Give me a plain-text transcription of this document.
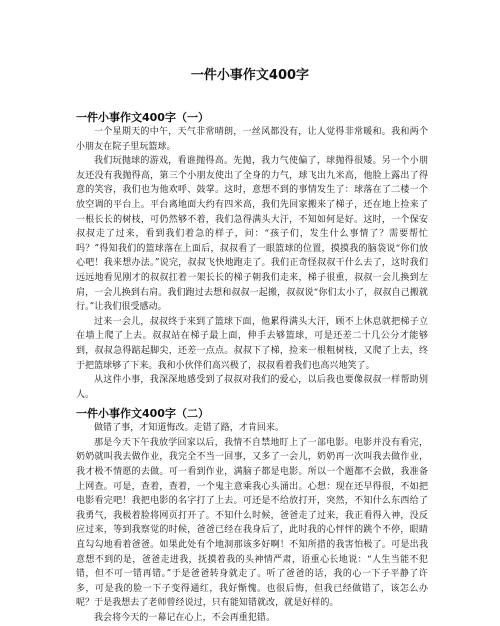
一件小事作文400字
一件小事作文400字（一）

一个星期天的中午，天气非常晴朗，一丝风都没有，让人觉得非常暖和。我和两个小朋友在院子里玩篮球。

我们玩抛球的游戏，看谁抛得高。先抛，我力气使偏了，球抛得很矮。另一个小朋友还没有我抛得高，第三个小朋友使出了全身的力气，球飞出九米高，他脸上露出了得意的笑容，我们也为他欢呼、鼓掌。这时，意想不到的事情发生了：球落在了二楼一个放空调的平台上。平台离地面大约有四米高，我们先回家搬来了梯子，还在地上捡来了一根长长的树枝，可仍然够不着，我们急得满头大汗，不知如何是好。这时，一个保安叔叔走了过来，看到我们着急的样子，问：“孩子们，发生什么事情了？需要帮忙吗？”得知我们的篮球落在上面后，叔叔看了一眼篮球的位置，摸摸我的脑袋说“你们放心吧！我来想办法。”说完，叔叔飞快地跑走了。我们正奇怪叔叔干什么去了，这时我们远远地看见刚才的叔叔扛着一架长长的梯子朝我们走来，梯子很重，叔叔一会儿换到左肩，一会儿换到右肩。我们跑过去想和叔叔一起搬，叔叔说“你们太小了，叔叔自己搬就行。”让我们很受感动。

过来一会儿，叔叔终于来到了篮球下面，他累得满头大汗，顾不上休息就把梯子立在墙上爬了上去。叔叔站在梯子最上面，伸手去够篮球，可是还差二十几公分才能够到，叔叔急得踮起脚尖，还差一点点。叔叔下了梯，捡来一根粗树枝，又爬了上去，终于把篮球够了下来。我和小伙伴们高兴极了，叔叔看着我们也高兴地笑了。

从这件小事，我深深地感受到了叔叔对我们的爱心，以后我也要像叔叔一样帮助别人。

一件小事作文400字（二）

做错了事，才知道悔改。走错了路，才肯回来。

那是今天下午我放学回家以后，我情不自禁地盯上了一部电影。电影并没有看完，奶奶就叫我去做作业，我完全不当一回事，又多了一会儿，奶奶再一次叫我去做作业，我才极不情愿的去做。可一看到作业，满脑子都是电影。所以一个题都不会做，我准备上网查。可是，查着，查着，一个鬼主意乘我心头涌出。心想：现在还早得很，不如把电影看完吧！我把电影的名字打了上去。可还是不给放打开，突然，不知什么东西给了我勇气，我极着脸将网页打开了。不知什么时候，爸爸走了过来，我正看得入神，没反应过来，等到我察觉的时候，爸爸已经在我身后了，此时我的心怦怦的跳个不停，眼睛直勾勾地看着爸爸。如果此处有个地洞那该多好啊！不知所措的我害怕极了。可是出我意想不到的是，爸爸走进我，抚摸着我的头神情严肃，语重心长地说：“人生当能不犯错，但不可一错再错。”于是爸爸转身就走了。听了爸爸的话，我的心一下子平静了许多，可是我的脸一下子变得通红，我好惭愧。也很后悔，但我已经做错了，该怎么办呢？于是我想去了老师曾经说过，只有能知错就改，就是好样的。

我会将今天的一幕记在心上，不会再重犯错。
